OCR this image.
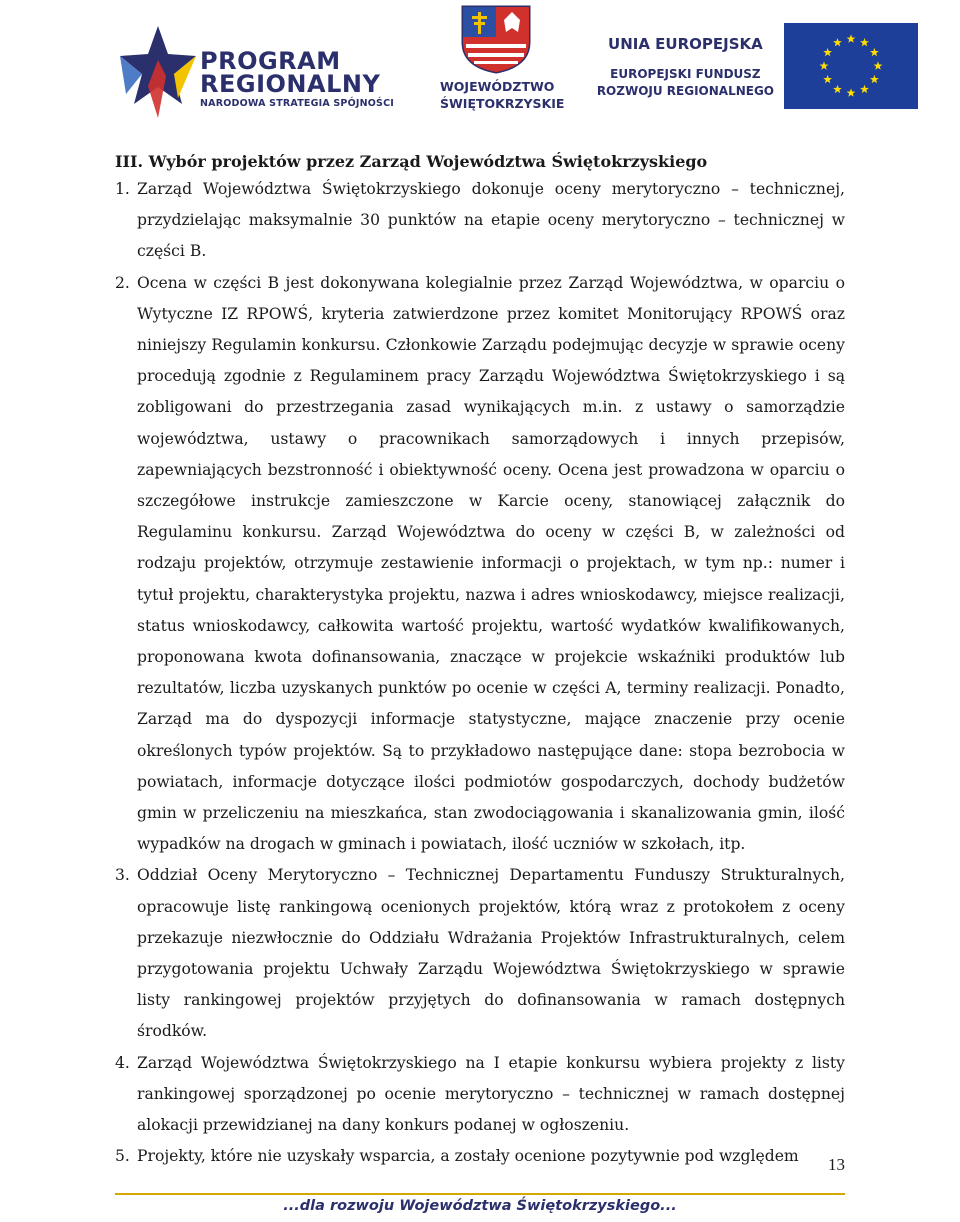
PROGRAM
REGIONALNY
NARODOWA STRATEGIA SPÓJNOŚCI
WOJEWÓDZTWO
ŚWIĘTOKRZYSKIE
UNIA EUROPEJSKA
EUROPEJSKI FUNDUSZ
ROZWOJU REGIONALNEGO
III. Wybór projektów przez Zarząd Województwa Świętokrzyskiego
1. Zarząd Województwa Świętokrzyskiego dokonuje oceny merytoryczno – technicznej, przydzielając maksymalnie 30 punktów na etapie oceny merytoryczno – technicznej w części B.
2. Ocena w części B jest dokonywana kolegialnie przez Zarząd Województwa, w oparciu o Wytyczne IZ RPOWŚ, kryteria zatwierdzone przez komitet Monitorujący RPOWŚ oraz niniejszy Regulamin konkursu. Członkowie Zarządu podejmując decyzje w sprawie oceny procedują zgodnie z Regulaminem pracy Zarządu Województwa Świętokrzyskiego i są zobligowani do przestrzegania zasad wynikających m.in. z ustawy o samorządzie województwa, ustawy o pracownikach samorządowych i innych przepisów, zapewniających bezstronność i obiektywność oceny. Ocena jest prowadzona w oparciu o szczegółowe instrukcje zamieszczone w Karcie oceny, stanowiącej załącznik do Regulaminu konkursu. Zarząd Województwa do oceny w części B, w zależności od rodzaju projektów, otrzymuje zestawienie informacji o projektach, w tym np.: numer i tytuł projektu, charakterystyka projektu, nazwa i adres wnioskodawcy, miejsce realizacji, status wnioskodawcy, całkowita wartość projektu, wartość wydatków kwalifikowanych, proponowana kwota dofinansowania, znaczące w projekcie wskaźniki produktów lub rezultatów, liczba uzyskanych punktów po ocenie w części A, terminy realizacji. Ponadto, Zarząd ma do dyspozycji informacje statystyczne, mające znaczenie przy ocenie określonych typów projektów. Są to przykładowo następujące dane: stopa bezrobocia w powiatach, informacje dotyczące ilości podmiotów gospodarczych, dochody budżetów gmin w przeliczeniu na mieszkańca, stan zwodociągowania i skanalizowania gmin, ilość wypadków na drogach w gminach i powiatach, ilość uczniów w szkołach, itp.
3. Oddział Oceny Merytoryczno – Technicznej Departamentu Funduszy Strukturalnych, opracowuje listę rankingową ocenionych projektów, którą wraz z protokołem z oceny przekazuje niezwłocznie do Oddziału Wdrażania Projektów Infrastrukturalnych, celem przygotowania projektu Uchwały Zarządu Województwa Świętokrzyskiego w sprawie listy rankingowej projektów przyjętych do dofinansowania w ramach dostępnych środków.
4. Zarząd Województwa Świętokrzyskiego na I etapie konkursu wybiera projekty z listy rankingowej sporządzonej po ocenie merytoryczno – technicznej w ramach dostępnej alokacji przewidzianej na dany konkurs podanej w ogłoszeniu.
5. Projekty, które nie uzyskały wsparcia, a zostały ocenione pozytywnie pod względem	13
...dla rozwoju Województwa Świętokrzyskiego...
